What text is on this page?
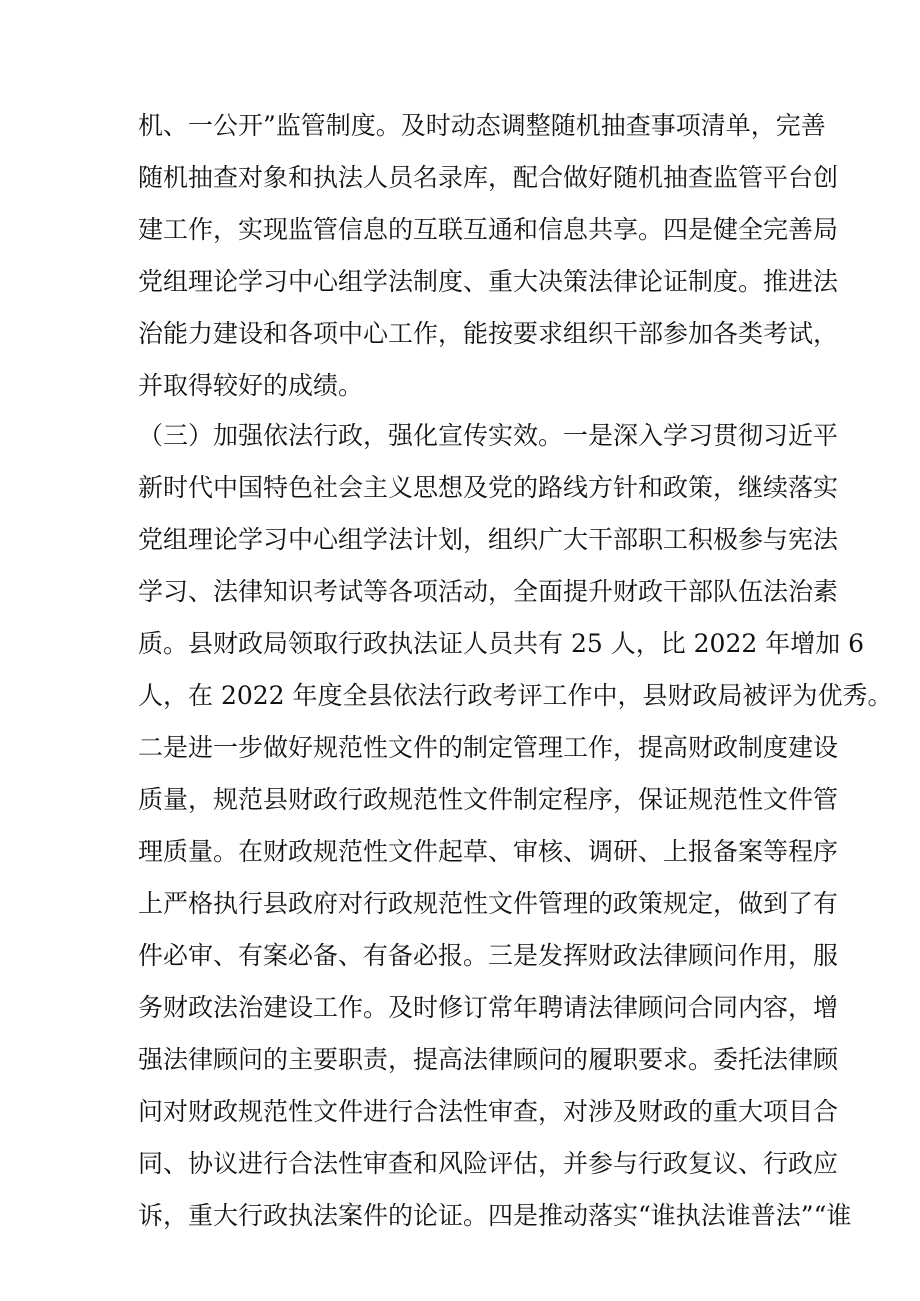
机、一公开”监管制度。及时动态调整随机抽查事项清单，完善
随机抽查对象和执法人员名录库，配合做好随机抽查监管平台创
建工作，实现监管信息的互联互通和信息共享。四是健全完善局
党组理论学习中心组学法制度、重大决策法律论证制度。推进法
治能力建设和各项中心工作，能按要求组织干部参加各类考试，
并取得较好的成绩。
（三）加强依法行政，强化宣传实效。一是深入学习贯彻习近平
新时代中国特色社会主义思想及党的路线方针和政策，继续落实
党组理论学习中心组学法计划，组织广大干部职工积极参与宪法
学习、法律知识考试等各项活动，全面提升财政干部队伍法治素
质。县财政局领取行政执法证人员共有 25 人，比 2022 年增加 6
人，在 2022 年度全县依法行政考评工作中，县财政局被评为优秀。
二是进一步做好规范性文件的制定管理工作，提高财政制度建设
质量，规范县财政行政规范性文件制定程序，保证规范性文件管
理质量。在财政规范性文件起草、审核、调研、上报备案等程序
上严格执行县政府对行政规范性文件管理的政策规定，做到了有
件必审、有案必备、有备必报。三是发挥财政法律顾问作用，服
务财政法治建设工作。及时修订常年聘请法律顾问合同内容，增
强法律顾问的主要职责，提高法律顾问的履职要求。委托法律顾
问对财政规范性文件进行合法性审查，对涉及财政的重大项目合
同、协议进行合法性审查和风险评估，并参与行政复议、行政应
诉，重大行政执法案件的论证。四是推动落实“谁执法谁普法”“谁
